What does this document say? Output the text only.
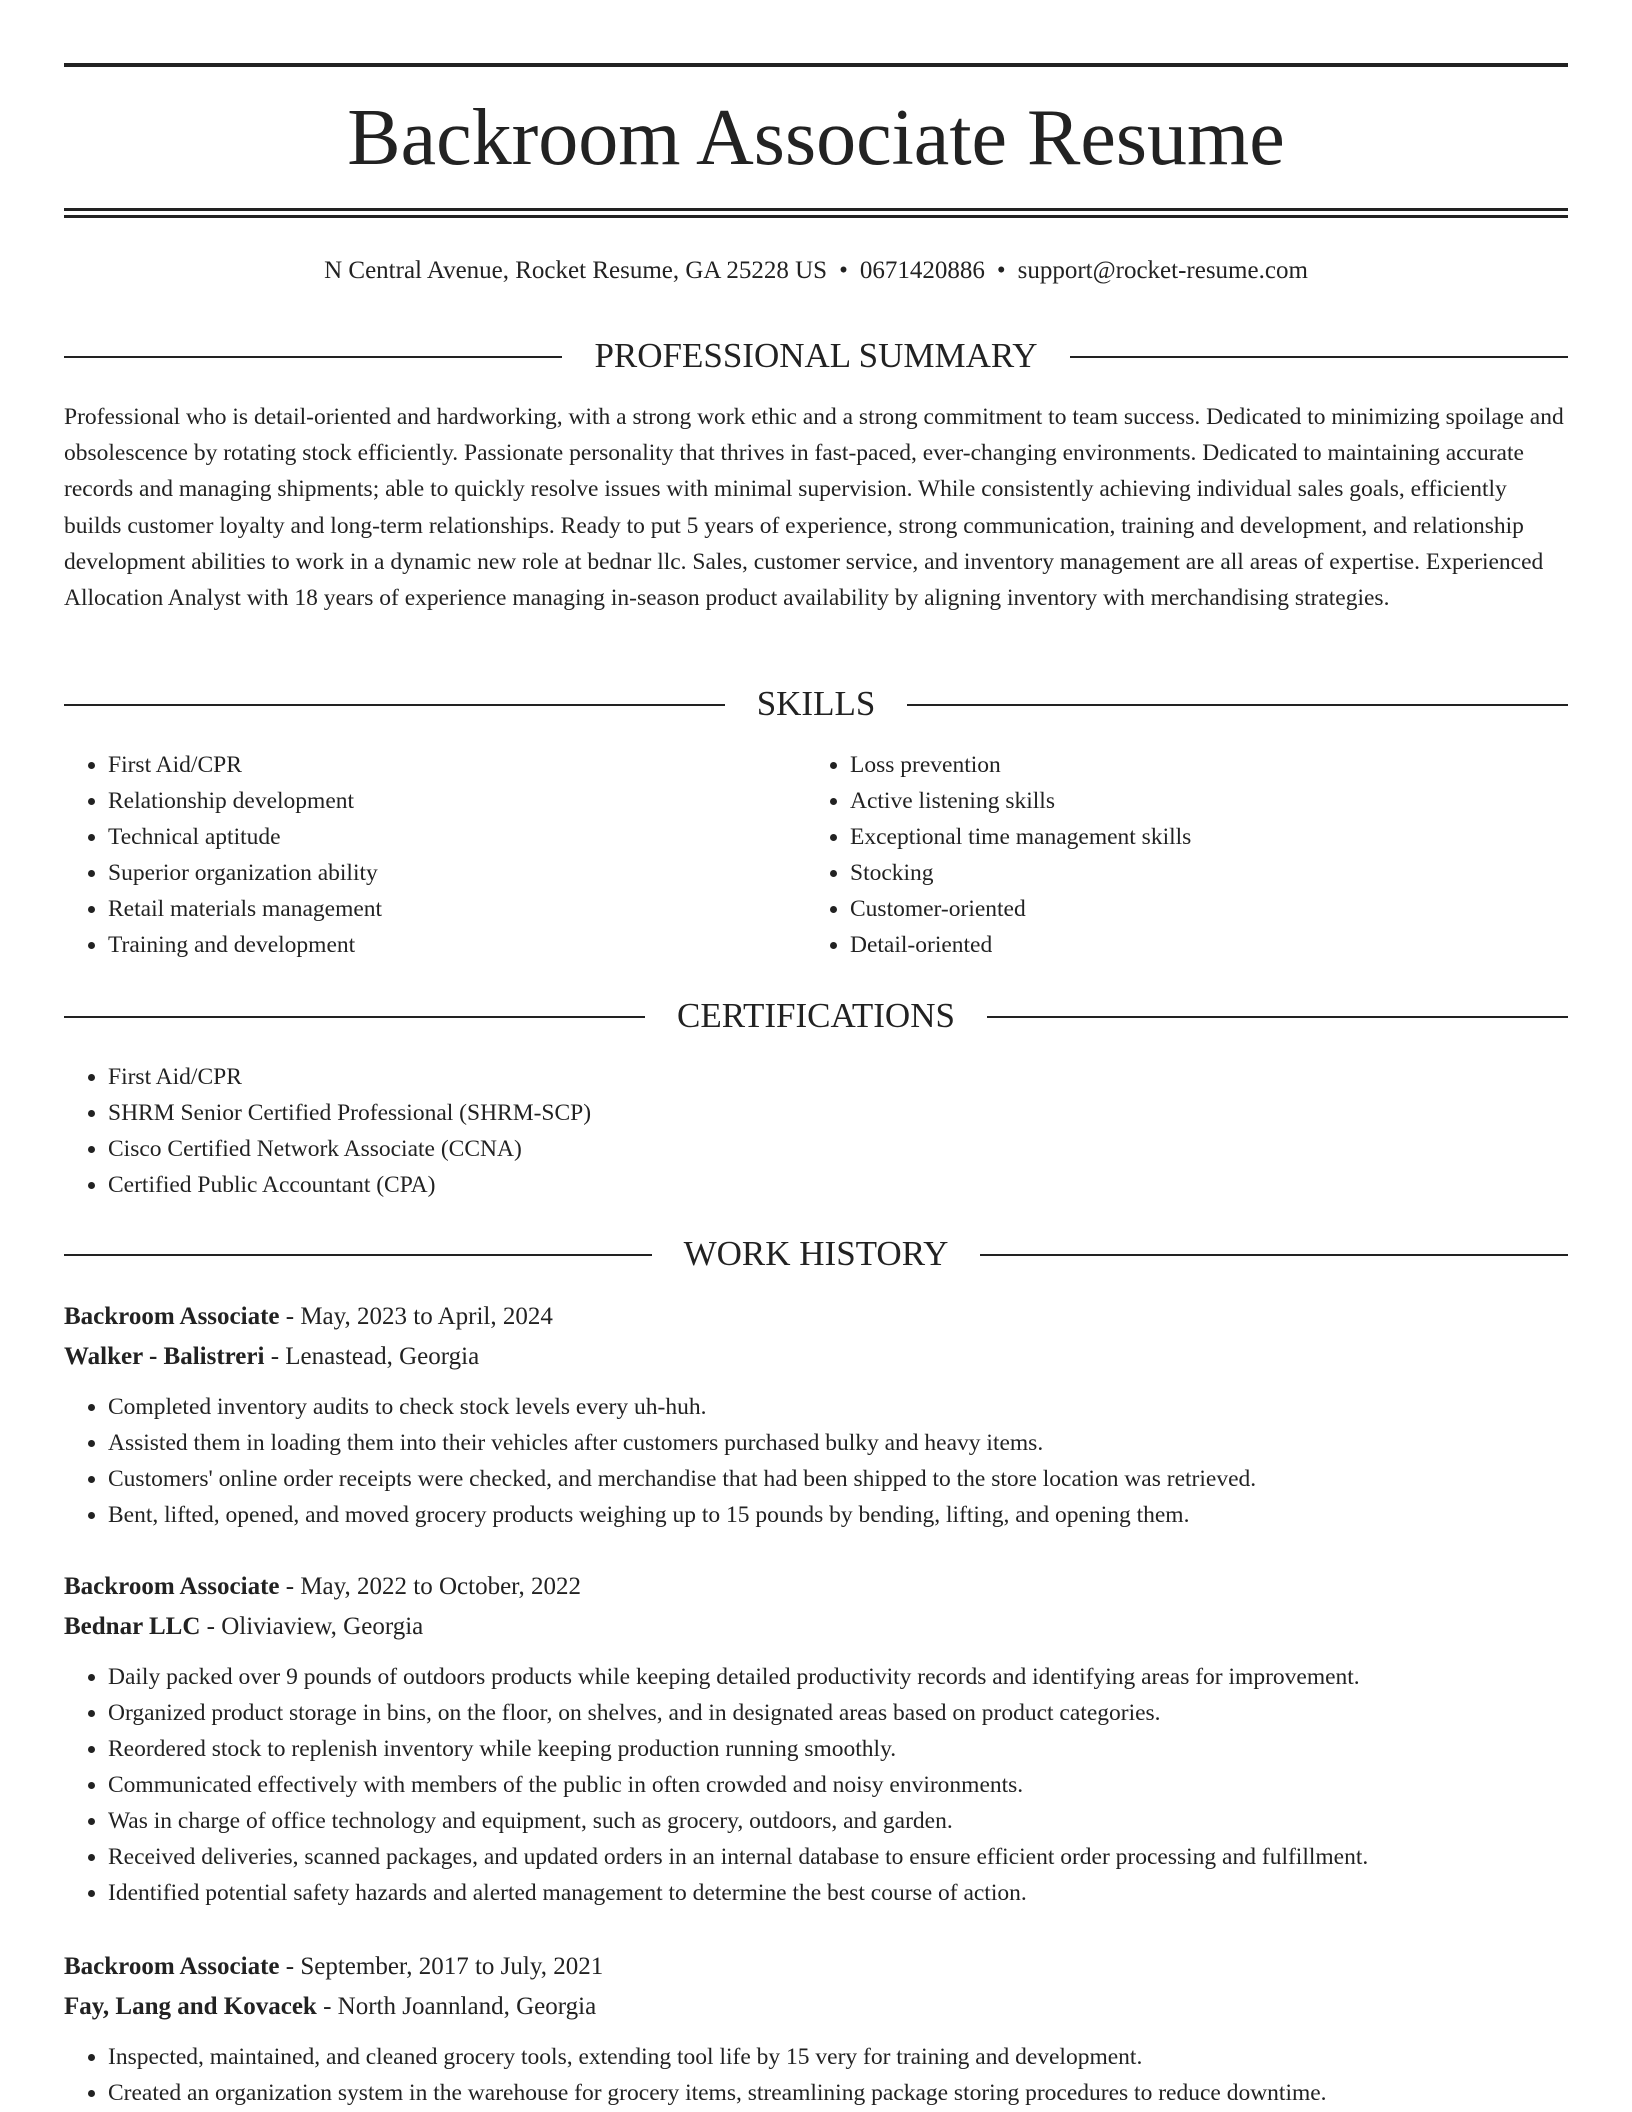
Backroom Associate Resume
N Central Avenue, Rocket Resume, GA 25228 US • 0671420886 • support@rocket-resume.com
PROFESSIONAL SUMMARY

Professional who is detail-oriented and hardworking, with a strong work ethic and a strong commitment to team success. Dedicated to minimizing spoilage and obsolescence by rotating stock efficiently. Passionate personality that thrives in fast-paced, ever-changing environments. Dedicated to maintaining accurate records and managing shipments; able to quickly resolve issues with minimal supervision. While consistently achieving individual sales goals, efficiently builds customer loyalty and long-term relationships. Ready to put 5 years of experience, strong communication, training and development, and relationship development abilities to work in a dynamic new role at bednar llc. Sales, customer service, and inventory management are all areas of expertise. Experienced Allocation Analyst with 18 years of experience managing in-season product availability by aligning inventory with merchandising strategies.

SKILLS
• First Aid/CPR
• Relationship development
• Technical aptitude
• Superior organization ability
• Retail materials management
• Training and development
• Loss prevention
• Active listening skills
• Exceptional time management skills
• Stocking
• Customer-oriented
• Detail-oriented
CERTIFICATIONS
• First Aid/CPR
• SHRM Senior Certified Professional (SHRM-SCP)
• Cisco Certified Network Associate (CCNA)
• Certified Public Accountant (CPA)
WORK HISTORY
Backroom Associate - May, 2023 to April, 2024
Walker - Balistreri - Lenastead, Georgia
• Completed inventory audits to check stock levels every uh-huh.
• Assisted them in loading them into their vehicles after customers purchased bulky and heavy items.
• Customers' online order receipts were checked, and merchandise that had been shipped to the store location was retrieved.
• Bent, lifted, opened, and moved grocery products weighing up to 15 pounds by bending, lifting, and opening them.
Backroom Associate - May, 2022 to October, 2022
Bednar LLC - Oliviaview, Georgia
• Daily packed over 9 pounds of outdoors products while keeping detailed productivity records and identifying areas for improvement.
• Organized product storage in bins, on the floor, on shelves, and in designated areas based on product categories.
• Reordered stock to replenish inventory while keeping production running smoothly.
• Communicated effectively with members of the public in often crowded and noisy environments.
• Was in charge of office technology and equipment, such as grocery, outdoors, and garden.
• Received deliveries, scanned packages, and updated orders in an internal database to ensure efficient order processing and fulfillment.
• Identified potential safety hazards and alerted management to determine the best course of action.
Backroom Associate - September, 2017 to July, 2021
Fay, Lang and Kovacek - North Joannland, Georgia
• Inspected, maintained, and cleaned grocery tools, extending tool life by 15 very for training and development.
• Created an organization system in the warehouse for grocery items, streamlining package storing procedures to reduce downtime.
